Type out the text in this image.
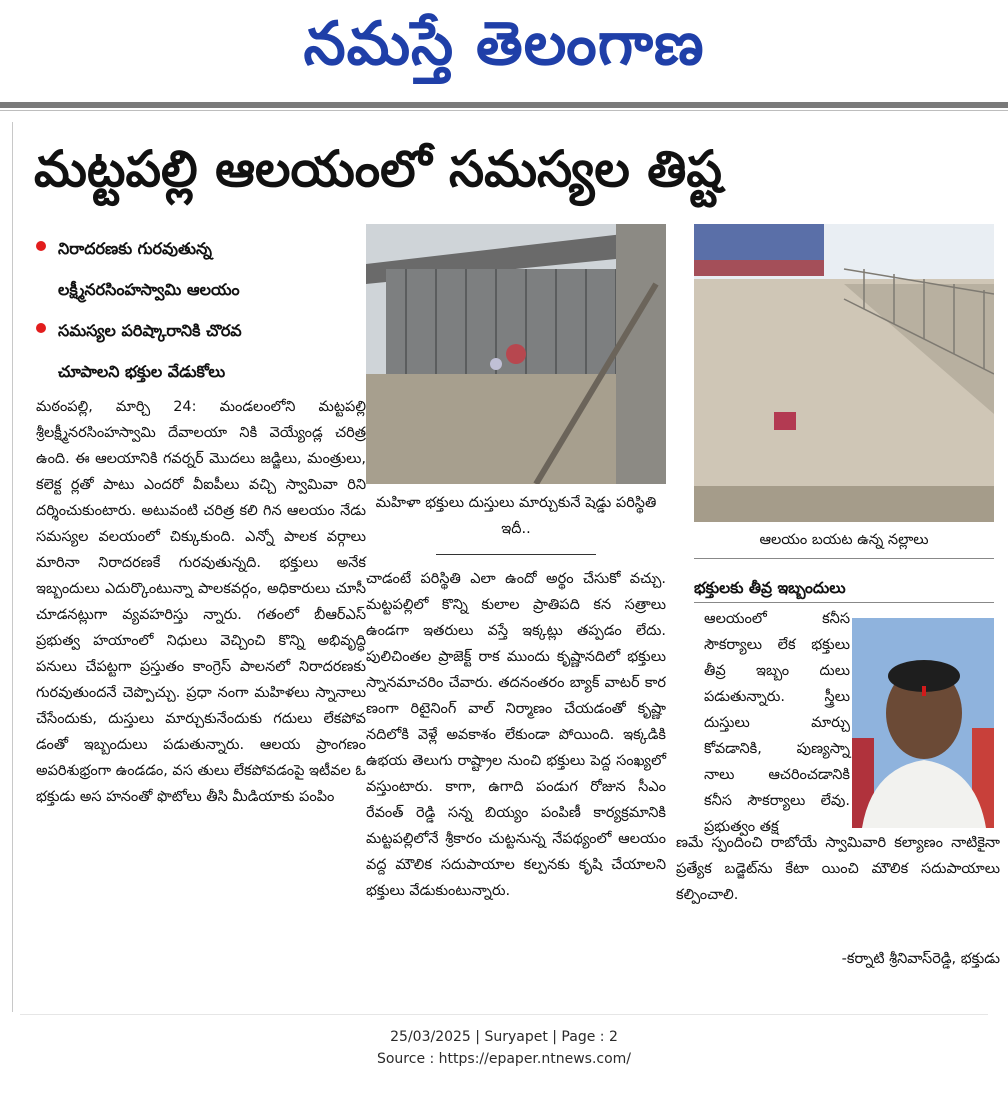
నమస్తే తెలంగాణ
మట్టపల్లి ఆలయంలో సమస్యల తిష్ట
నిరాదరణకు గురవుతున్న
లక్ష్మీనరసింహస్వామి ఆలయం
సమస్యల పరిష్కారానికి చొరవ
చూపాలని భక్తుల వేడుకోలు

మఠంపల్లి, మార్చి 24: మండలంలోని మట్టపల్లి శ్రీలక్ష్మీనరసింహస్వామి దేవాలయా నికి వెయ్యేండ్ల చరిత్ర ఉంది. ఈ ఆలయానికి గవర్నర్ మొదలు జడ్జిలు, మంత్రులు, కలెక్ట ర్లతో పాటు ఎందరో వీఐపీలు వచ్చి స్వామివా రిని దర్శించుకుంటారు. అటువంటి చరిత్ర కలి గిన ఆలయం నేడు సమస్యల వలయంలో చిక్కుకుంది. ఎన్నో పాలక వర్గాలు మారినా నిరాదరణకే గురవుతున్నది. భక్తులు అనేక ఇబ్బందులు ఎదుర్కొంటున్నా పాలకవర్గం, అధికారులు చూసీ చూడనట్లుగా వ్యవహరిస్తు న్నారు. గతంలో బీఆర్ఎస్ ప్రభుత్వ హయాంలో నిధులు వెచ్చించి కొన్ని అభివృద్ధి పనులు చేపట్టగా ప్రస్తుతం కాంగ్రెస్ పాలనలో నిరాదరణకు గురవుతుందనే చెప్పొచ్చు. ప్రధా నంగా మహిళలు స్నానాలు చేసేందుకు, దుస్తులు మార్చుకునేందుకు గదులు లేకపోవ డంతో ఇబ్బందులు పడుతున్నారు. ఆలయ ప్రాంగణం అపరిశుభ్రంగా ఉండడం, వస తులు లేకపోవడంపై ఇటీవల ఓ భక్తుడు అస హనంతో ఫొటోలు తీసి మీడియాకు పంపిం

మహిళా భక్తులు దుస్తులు మార్చుకునే షెడ్డు పరిస్థితి ఇదీ..
ఆలయం బయట ఉన్న నల్లాలు

చాడంటే పరిస్థితి ఎలా ఉందో అర్థం చేసుకో వచ్చు. మట్టపల్లిలో కొన్ని కులాల ప్రాతిపది కన సత్రాలు ఉండగా ఇతరులు వస్తే ఇక్కట్లు తప్పడం లేదు. పులిచింతల ప్రాజెక్ట్ రాక ముందు కృష్ణానదిలో భక్తులు స్నానమాచరిం చేవారు. తదనంతరం బ్యాక్ వాటర్ కార ణంగా రిటైనింగ్ వాల్ నిర్మాణం చేయడంతో కృష్ణా నదిలోకి వెళ్లే అవకాశం లేకుండా పోయింది. ఇక్కడికి ఉభయ తెలుగు రాష్ట్రాల నుంచి భక్తులు పెద్ద సంఖ్యలో వస్తుంటారు. కాగా, ఉగాది పండుగ రోజున సీఎం రేవంత్ రెడ్డి సన్న బియ్యం పంపిణీ కార్యక్రమానికి మట్టపల్లిలోనే శ్రీకారం చుట్టనున్న నేపథ్యంలో ఆలయం వద్ద మౌలిక సదుపాయాల కల్పనకు కృషి చేయాలని భక్తులు వేడుకుంటున్నారు.

భక్తులకు తీవ్ర ఇబ్బందులు

ఆలయంలో కనీస సౌకర్యాలు లేక భక్తులు తీవ్ర ఇబ్బం దులు పడుతున్నారు. స్త్రీలు దుస్తులు మార్చు కోవడానికి, పుణ్యస్నా నాలు ఆచరించడానికి కనీస సౌకర్యాలు లేవు. ప్రభుత్వం తక్ష

ణమే స్పందించి రాబోయే స్వామివారి కల్యాణం నాటికైనా ప్రత్యేక బడ్జెట్‌ను కేటా యించి మౌలిక సదుపాయాలు కల్పించాలి.

-కర్నాటి శ్రీనివాస్‌రెడ్డి, భక్తుడు
25/03/2025 | Suryapet | Page : 2
Source : https://epaper.ntnews.com/
